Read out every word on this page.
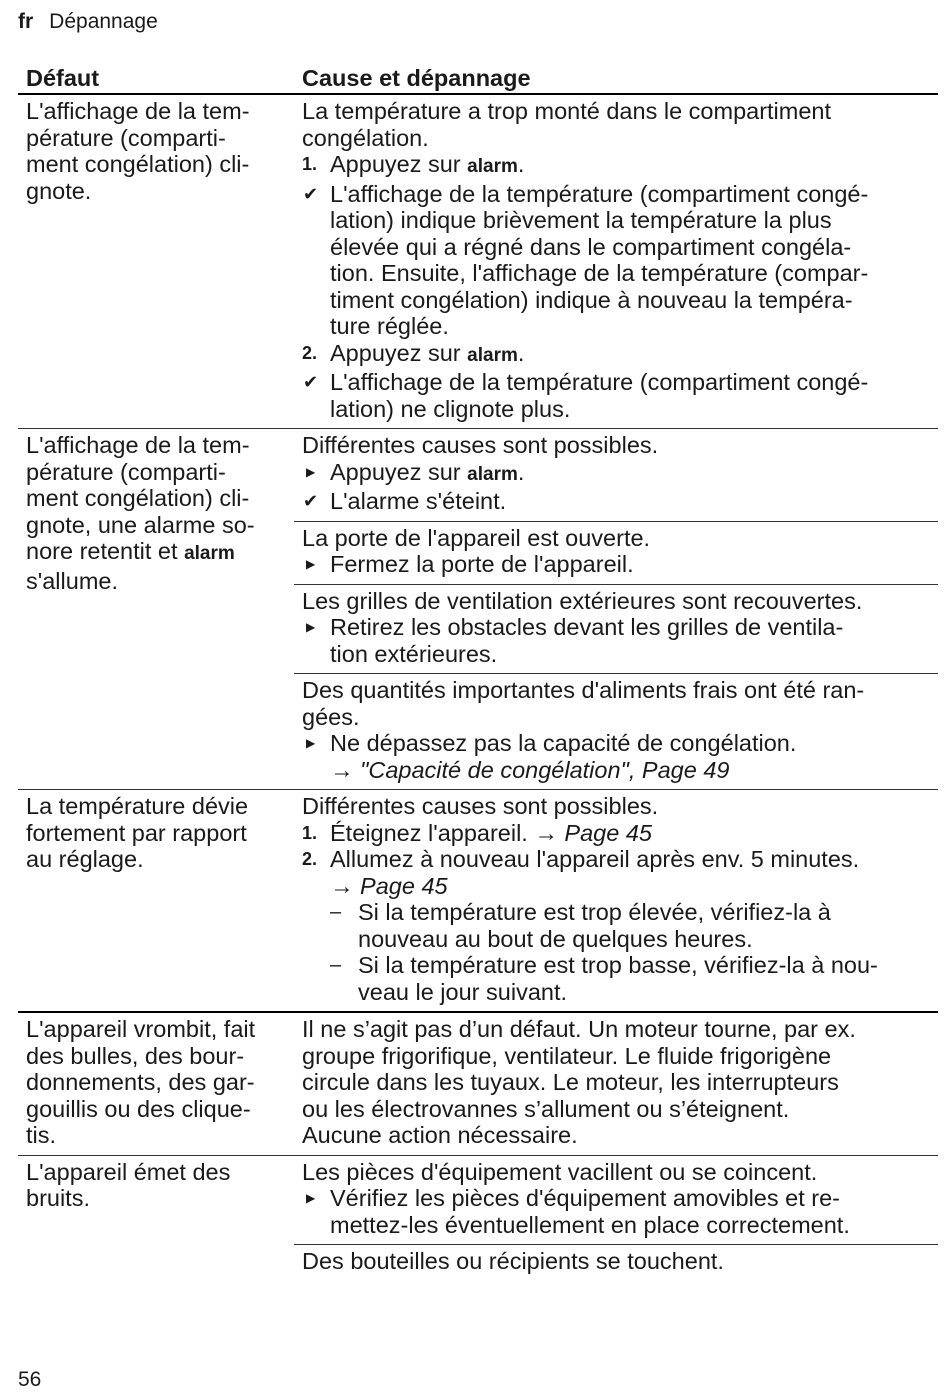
fr Dépannage
Défaut	Cause et dépannage
L'affichage de la tem-
pérature (comparti-
ment congélation) cli-
gnote.
La température a trop monté dans le compartiment
congélation.
1. Appuyez sur alarm.
✔ L'affichage de la température (compartiment congé-
lation) indique brièvement la température la plus
élevée qui a régné dans le compartiment congéla-
tion. Ensuite, l'affichage de la température (compar-
timent congélation) indique à nouveau la tempéra-
ture réglée.
2. Appuyez sur alarm.
✔ L'affichage de la température (compartiment congé-
lation) ne clignote plus.
L'affichage de la tem-
pérature (comparti-
ment congélation) cli-
gnote, une alarme so-
nore retentit et alarm
s'allume.
Différentes causes sont possibles.
▶ Appuyez sur alarm.
✔ L'alarme s'éteint.
La porte de l'appareil est ouverte.
▶ Fermez la porte de l'appareil.
Les grilles de ventilation extérieures sont recouvertes.
▶ Retirez les obstacles devant les grilles de ventila-
tion extérieures.
Des quantités importantes d'aliments frais ont été ran-
gées.
▶ Ne dépassez pas la capacité de congélation.
→ "Capacité de congélation", Page 49
La température dévie
fortement par rapport
au réglage.
Différentes causes sont possibles.
1. Éteignez l'appareil. → Page 45
2. Allumez à nouveau l'appareil après env. 5 minutes.
→ Page 45
– Si la température est trop élevée, vérifiez-la à
nouveau au bout de quelques heures.
– Si la température est trop basse, vérifiez-la à nou-
veau le jour suivant.
L'appareil vrombit, fait
des bulles, des bour-
donnements, des gar-
gouillis ou des cliquе-
tis.
Il ne s’agit pas d’un défaut. Un moteur tourne, par ex.
groupe frigorifique, ventilateur. Le fluide frigorigène
circule dans les tuyaux. Le moteur, les interrupteurs
ou les électrovannes s’allument ou s’éteignent.
Aucune action nécessaire.
L'appareil émet des
bruits.
Les pièces d'équipement vacillent ou se coincent.
▶ Vérifiez les pièces d'équipement amovibles et re-
mettez-les éventuellement en place correctement.
Des bouteilles ou récipients se touchent.
56
